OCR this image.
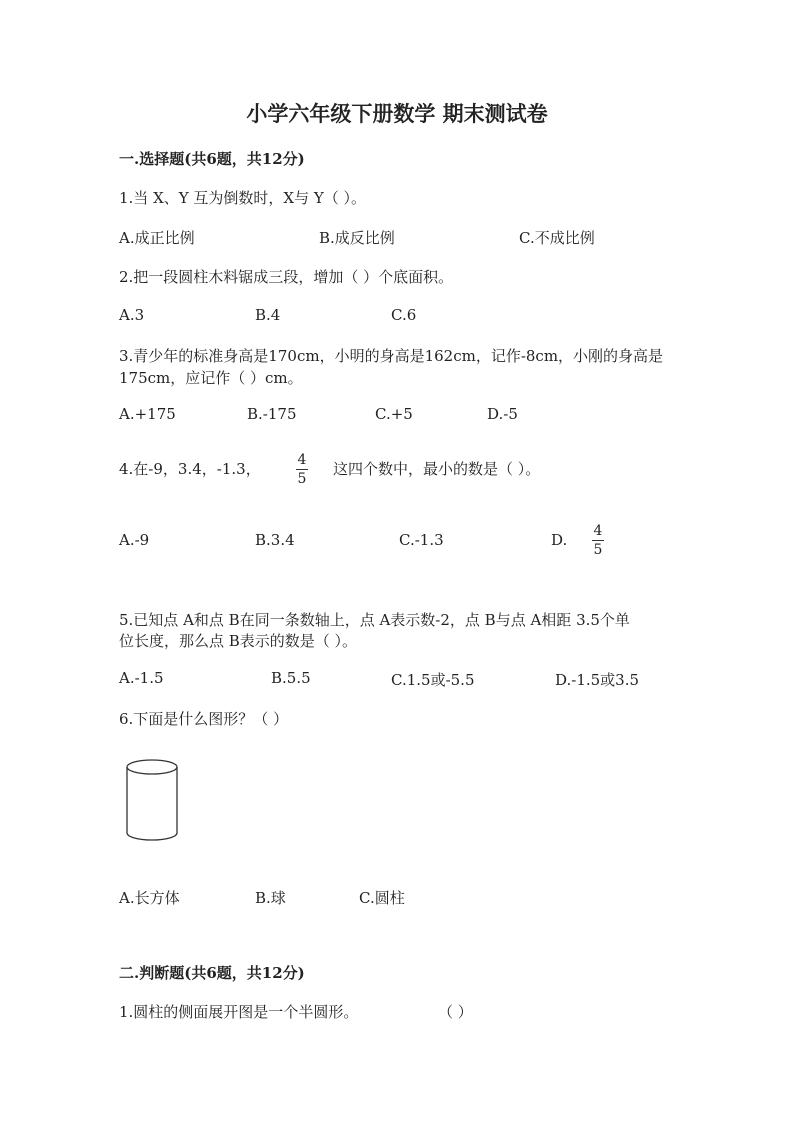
小学六年级下册数学 期末测试卷
一.选择题(共6题，共12分)
1.当 X、Y 互为倒数时，X与 Y（ ）。
A.成正比例	B.成反比例	C.不成比例
2.把一段圆柱木料锯成三段，增加（ ）个底面积。
A.3	B.4	C.6
3.青少年的标准身高是170cm，小明的身高是162cm，记作-8cm，小刚的身高是
175cm，应记作（ ）cm。
A.+175	B.-175	C.+5	D.-5
4.在-9，3.4，-1.3，	4
5
这四个数中，最小的数是（ ）。
A.-9	B.3.4	C.-1.3	D. 4
5
5.已知点 A和点 B在同一条数轴上，点 A表示数-2，点 B与点 A相距 3.5个单
位长度，那么点 B表示的数是（ ）。
A.-1.5	B.5.5	C.1.5或-5.5	D.-1.5或3.5
6.下面是什么图形？（ ）
A.长方体	B.球	C.圆柱
二.判断题(共6题，共12分)
1.圆柱的侧面展开图是一个半圆形。	（ ）
